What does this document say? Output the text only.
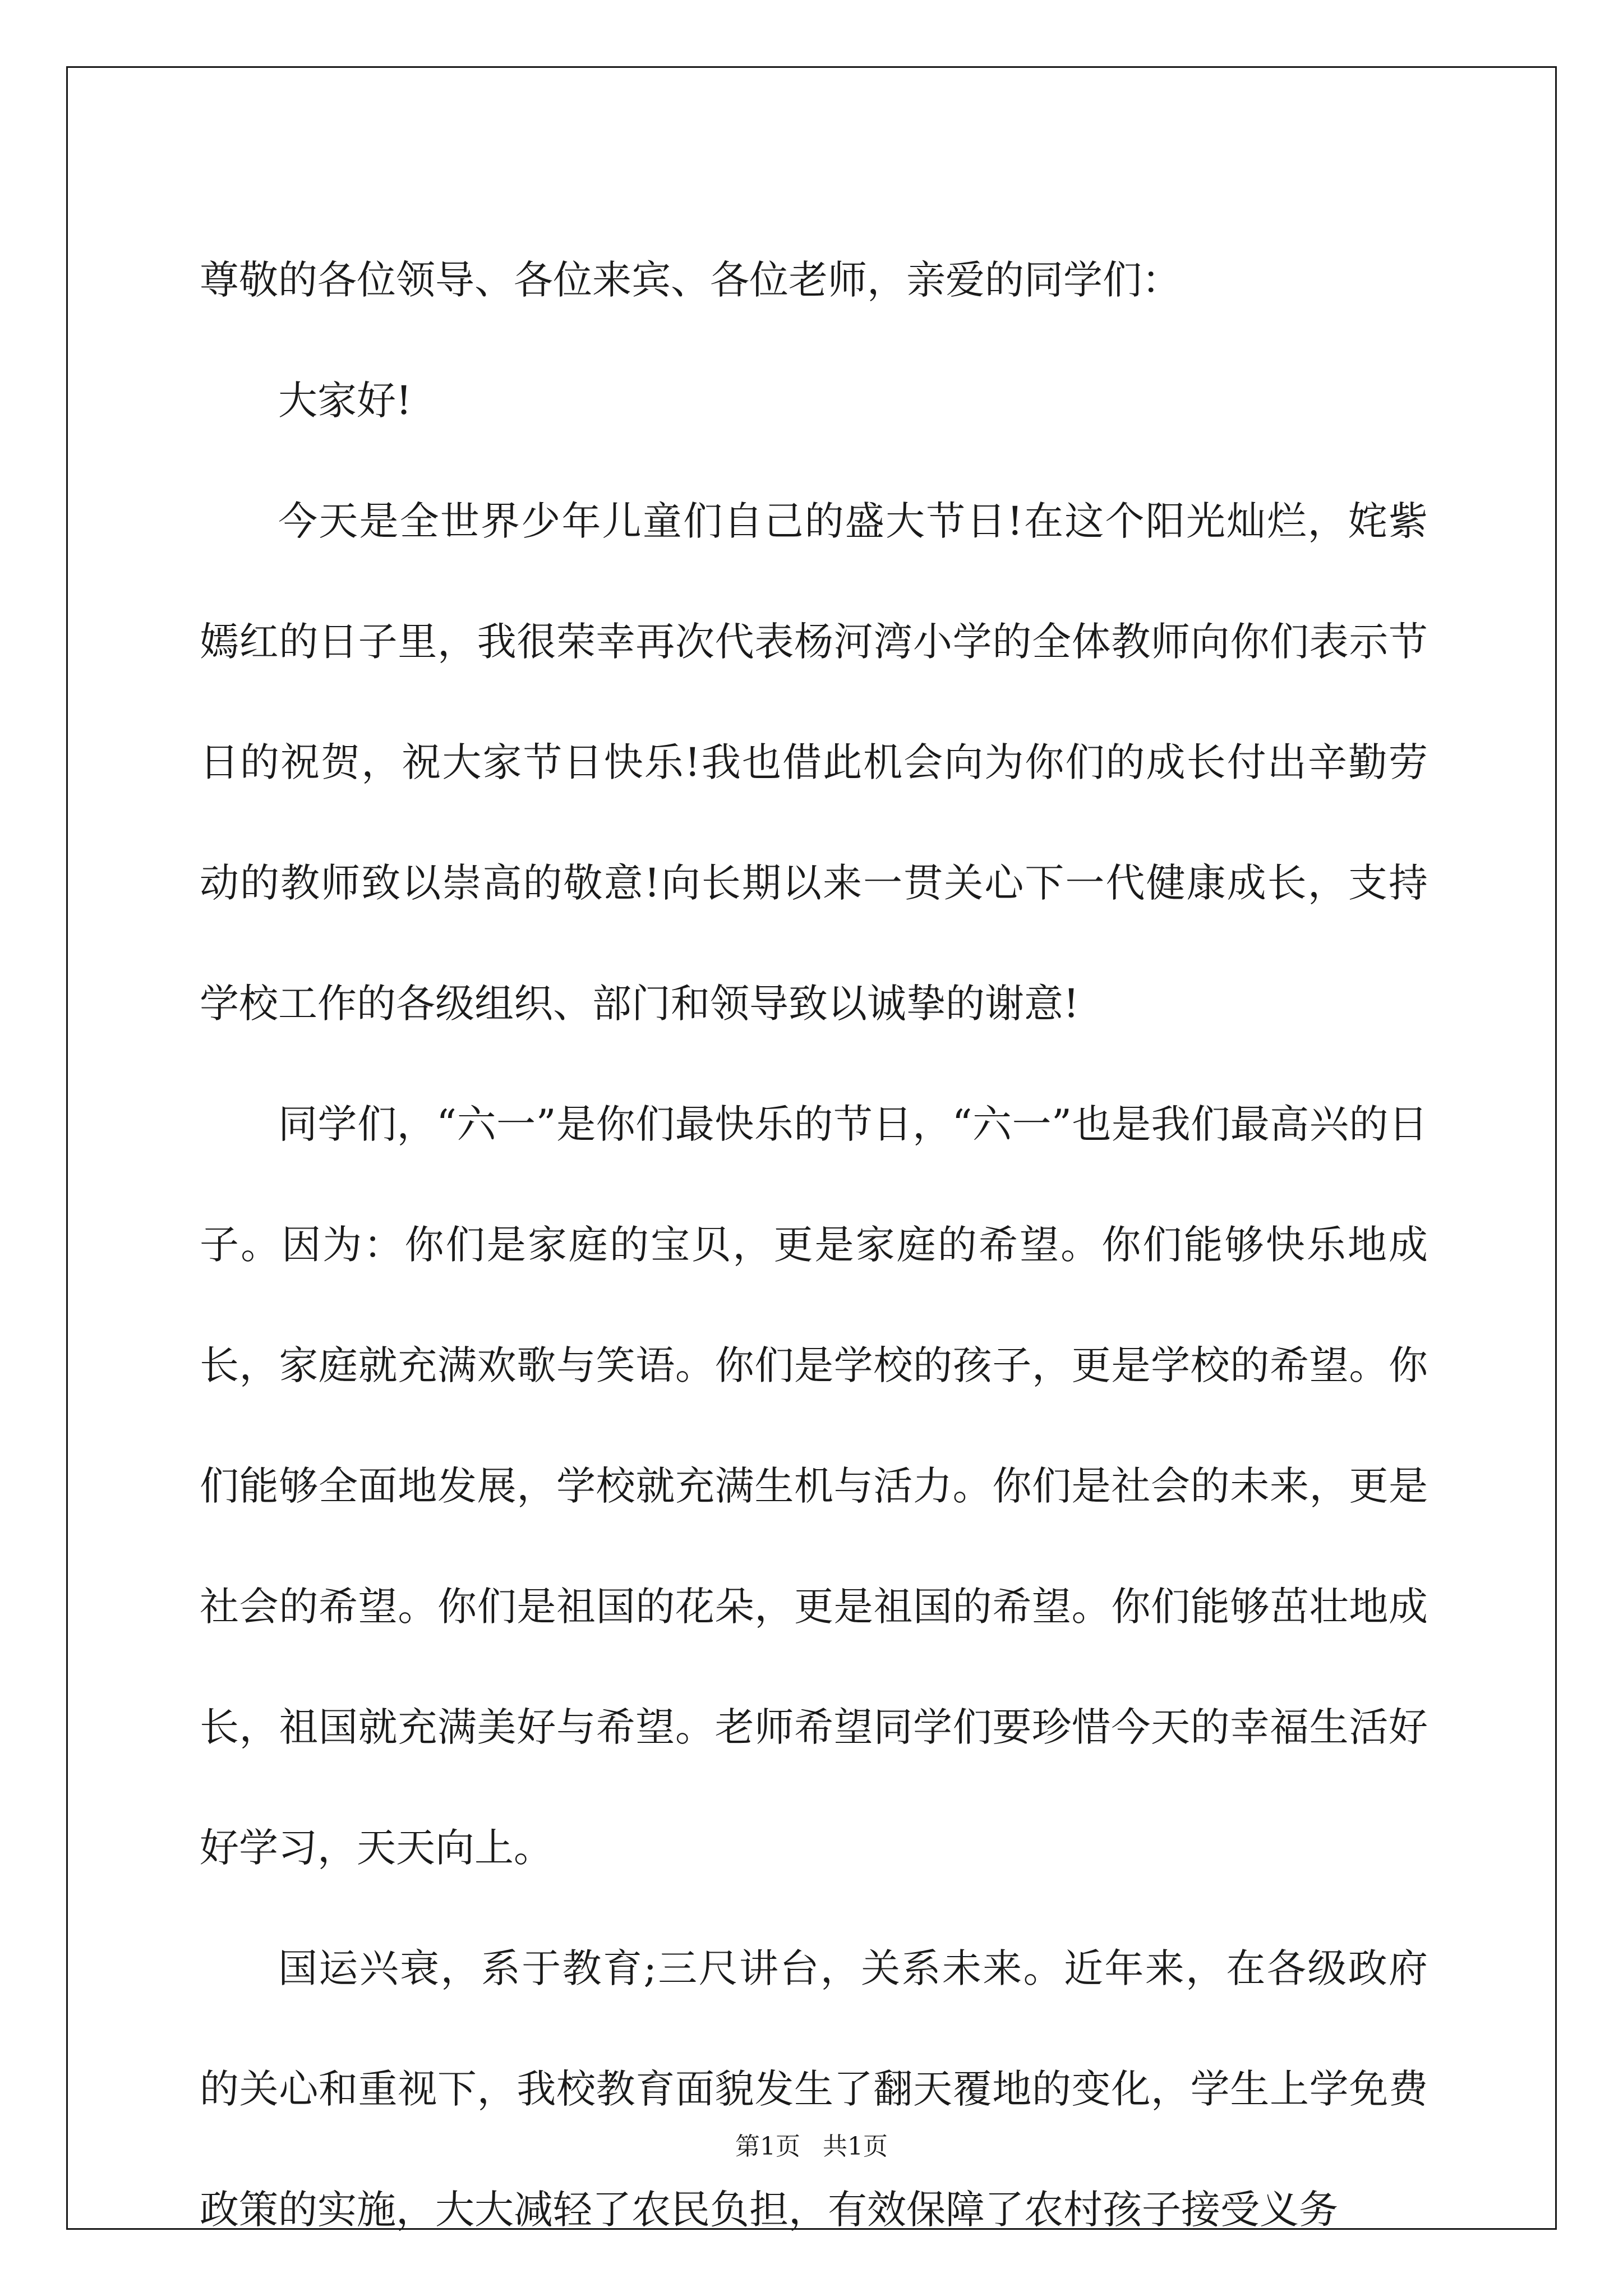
尊敬的各位领导、各位来宾、各位老师，亲爱的同学们：

大家好!

今天是全世界少年儿童们自己的盛大节日!在这个阳光灿烂，姹紫嫣红的日子里，我很荣幸再次代表杨河湾小学的全体教师向你们表示节日的祝贺，祝大家节日快乐!我也借此机会向为你们的成长付出辛勤劳动的教师致以崇高的敬意!向长期以来一贯关心下一代健康成长，支持学校工作的各级组织、部门和领导致以诚挚的谢意!

同学们，“六一”是你们最快乐的节日，“六一”也是我们最高兴的日子。因为：你们是家庭的宝贝，更是家庭的希望。你们能够快乐地成长，家庭就充满欢歌与笑语。你们是学校的孩子，更是学校的希望。你们能够全面地发展，学校就充满生机与活力。你们是社会的未来，更是社会的希望。你们是祖国的花朵，更是祖国的希望。你们能够茁壮地成长，祖国就充满美好与希望。老师希望同学们要珍惜今天的幸福生活好好学习，天天向上。

国运兴衰，系于教育;三尺讲台，关系未来。近年来，在各级政府的关心和重视下，我校教育面貌发生了翻天覆地的变化，学生上学免费政策的实施，大大减轻了农民负担，有效保障了农村孩子接受义务

第1页 共1页
